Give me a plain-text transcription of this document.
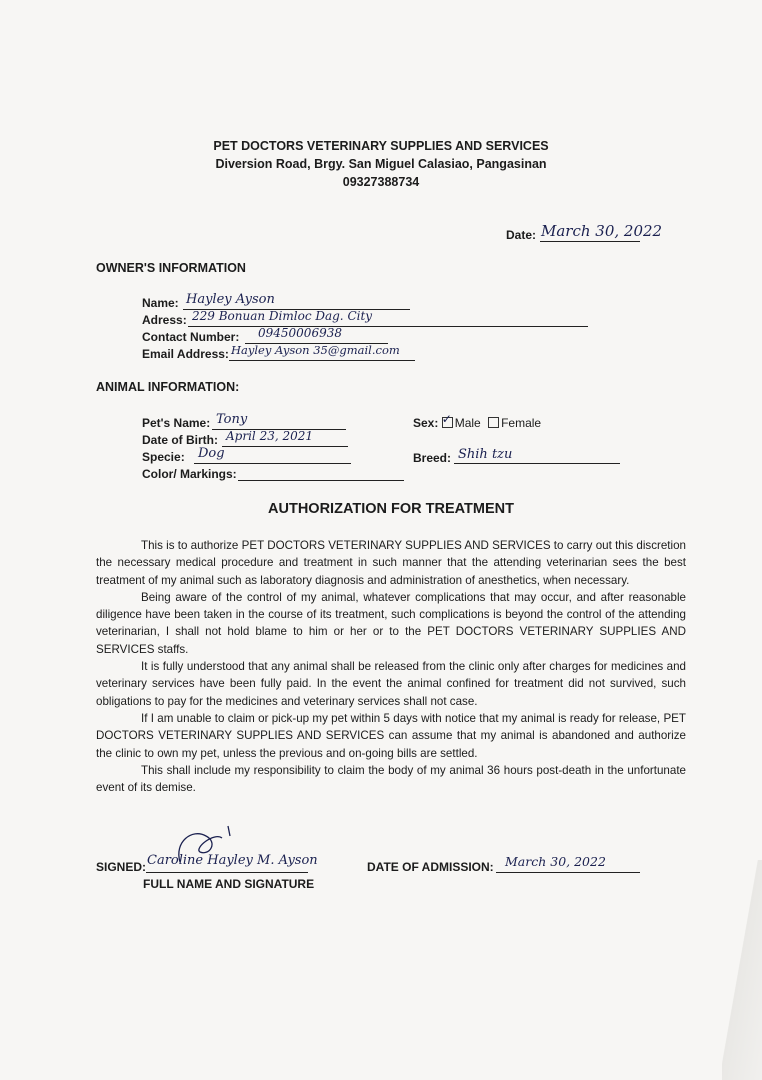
PET DOCTORS VETERINARY SUPPLIES AND SERVICES
Diversion Road, Brgy. San Miguel Calasiao, Pangasinan
09327388734
Date: March 30, 2022
OWNER'S INFORMATION
Name: Hayley Ayson
Adress: 229 Bonuan Dimloc Dag. City
Contact Number: 09450006938
Email Address: Hayley Ayson 35@gmail.com
ANIMAL INFORMATION:
Pet's Name: Tony
Date of Birth: April 23, 2021
Specie: Dog
Color/ Markings:
Sex: ✓ Male Female
Breed: Shih tzu
AUTHORIZATION FOR TREATMENT

This is to authorize PET DOCTORS VETERINARY SUPPLIES AND SERVICES to carry out this discretion the necessary medical procedure and treatment in such manner that the attending veterinarian sees the best treatment of my animal such as laboratory diagnosis and administration of anesthetics, when necessary.

Being aware of the control of my animal, whatever complications that may occur, and after reasonable diligence have been taken in the course of its treatment, such complications is beyond the control of the attending veterinarian, I shall not hold blame to him or her or to the PET DOCTORS VETERINARY SUPPLIES AND SERVICES staffs.

It is fully understood that any animal shall be released from the clinic only after charges for medicines and veterinary services have been fully paid. In the event the animal confined for treatment did not survived, such obligations to pay for the medicines and veterinary services shall not case.

If I am unable to claim or pick-up my pet within 5 days with notice that my animal is ready for release, PET DOCTORS VETERINARY SUPPLIES AND SERVICES can assume that my animal is abandoned and authorize the clinic to own my pet, unless the previous and on-going bills are settled.

This shall include my responsibility to claim the body of my animal 36 hours post-death in the unfortunate event of its demise.

SIGNED: Caroline Hayley M. Ayson
FULL NAME AND SIGNATURE
DATE OF ADMISSION: March 30, 2022
